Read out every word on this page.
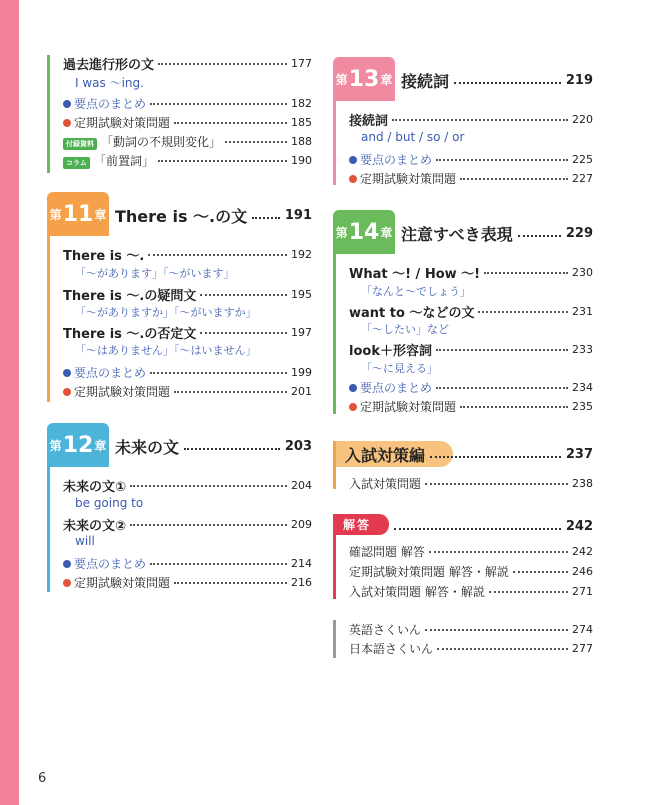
過去進行形の文	177
I was ～ing.
要点のまとめ	182
定期試験対策問題	185
付録資料 「動詞の不規則変化」	188
コラム 「前置詞」	190
第 11 章 There is ～.の文	191
There is ～.	192
「～があります」「～がいます」
There is ～.の疑問文	195
「～がありますか」「～がいますか」
There is ～.の否定文	197
「～はありません」「～はいません」
要点のまとめ	199
定期試験対策問題	201
第 12 章 未来の文	203
未来の文①	204
be going to
未来の文②	209
will
要点のまとめ	214
定期試験対策問題	216
第 13 章 接続詞	219
接続詞	220
and / but / so / or
要点のまとめ	225
定期試験対策問題	227
第 14 章 注意すべき表現	229
What ～! / How ～!	230
「なんと～でしょう」
want to ～などの文	231
「～したい」など
look＋形容詞	233
「～に見える」
要点のまとめ	234
定期試験対策問題	235
入試対策編	237
入試対策問題	238
解答	242
確認問題 解答	242
定期試験対策問題 解答・解説	246
入試対策問題 解答・解説	271
英語さくいん	274
日本語さくいん	277
6
